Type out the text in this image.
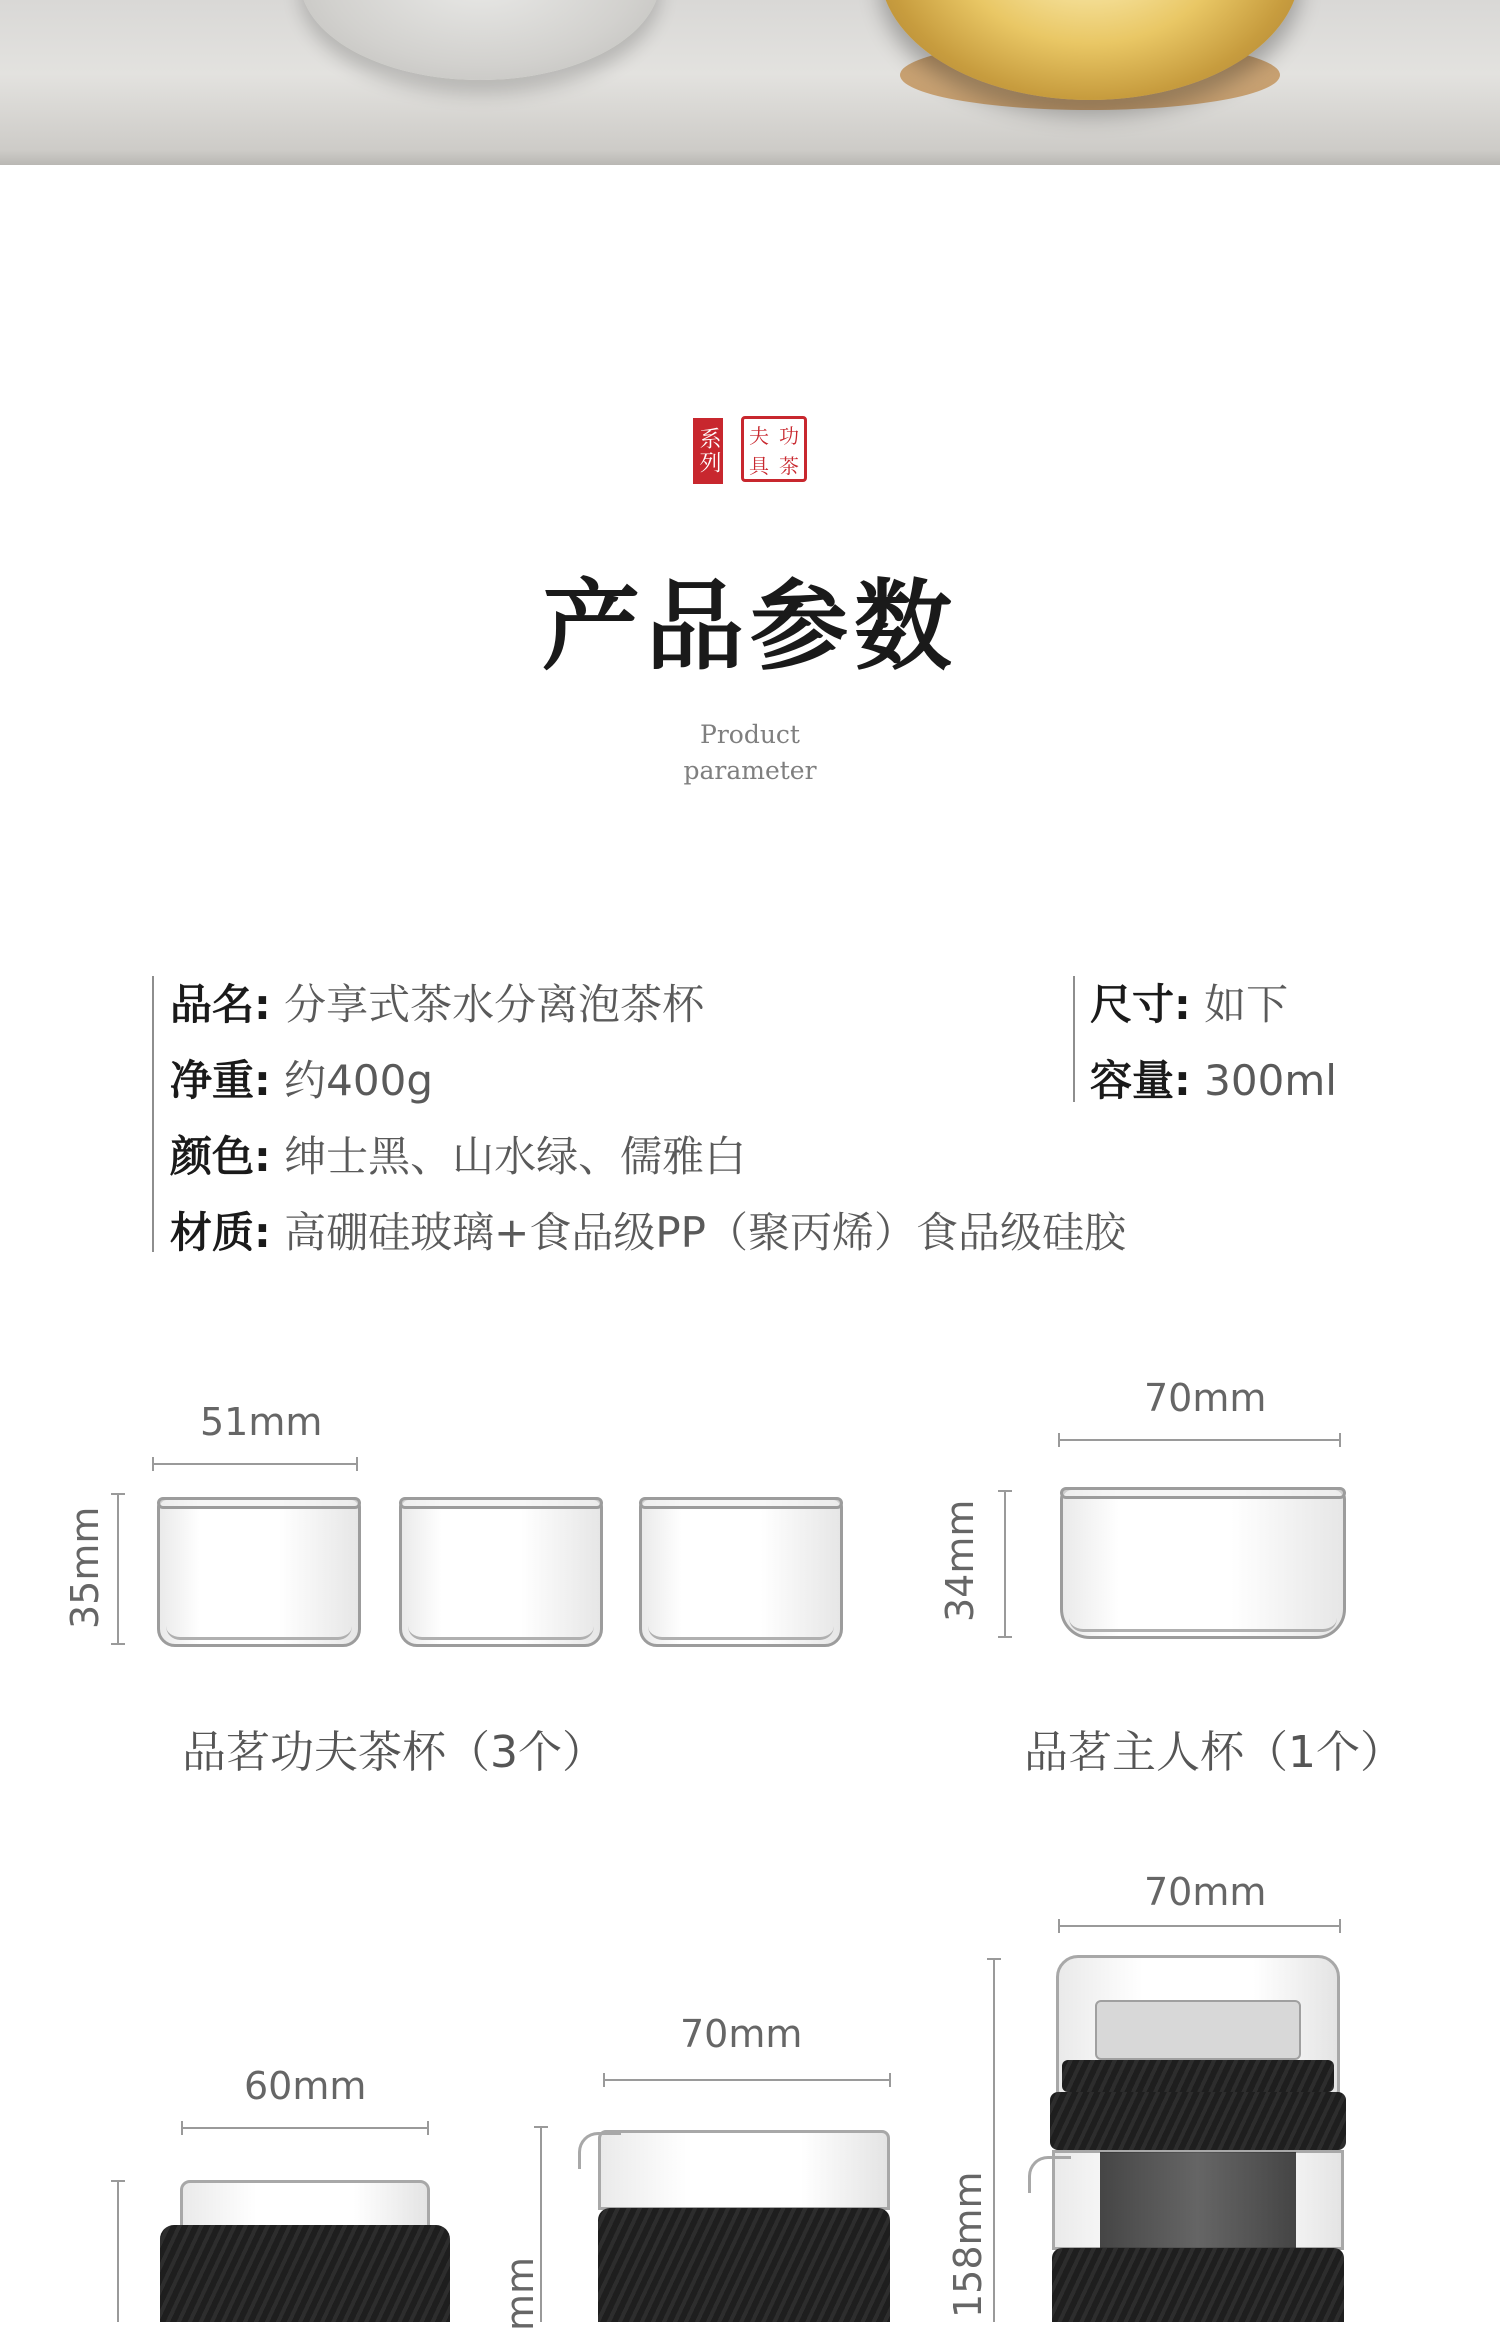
系列 夫 功
具 茶
产品参数
Product
parameter
品名: 分享式茶水分离泡茶杯
净重: 约400g
颜色: 绅士黑、山水绿、儒雅白
材质: 高硼硅玻璃+食品级PP（聚丙烯）食品级硅胶
尺寸: 如下
容量: 300ml
51mm
35mm
品茗功夫茶杯（3个）
70mm
34mm
品茗主人杯（1个）
60mm
70mm
mm
70mm
158mm
